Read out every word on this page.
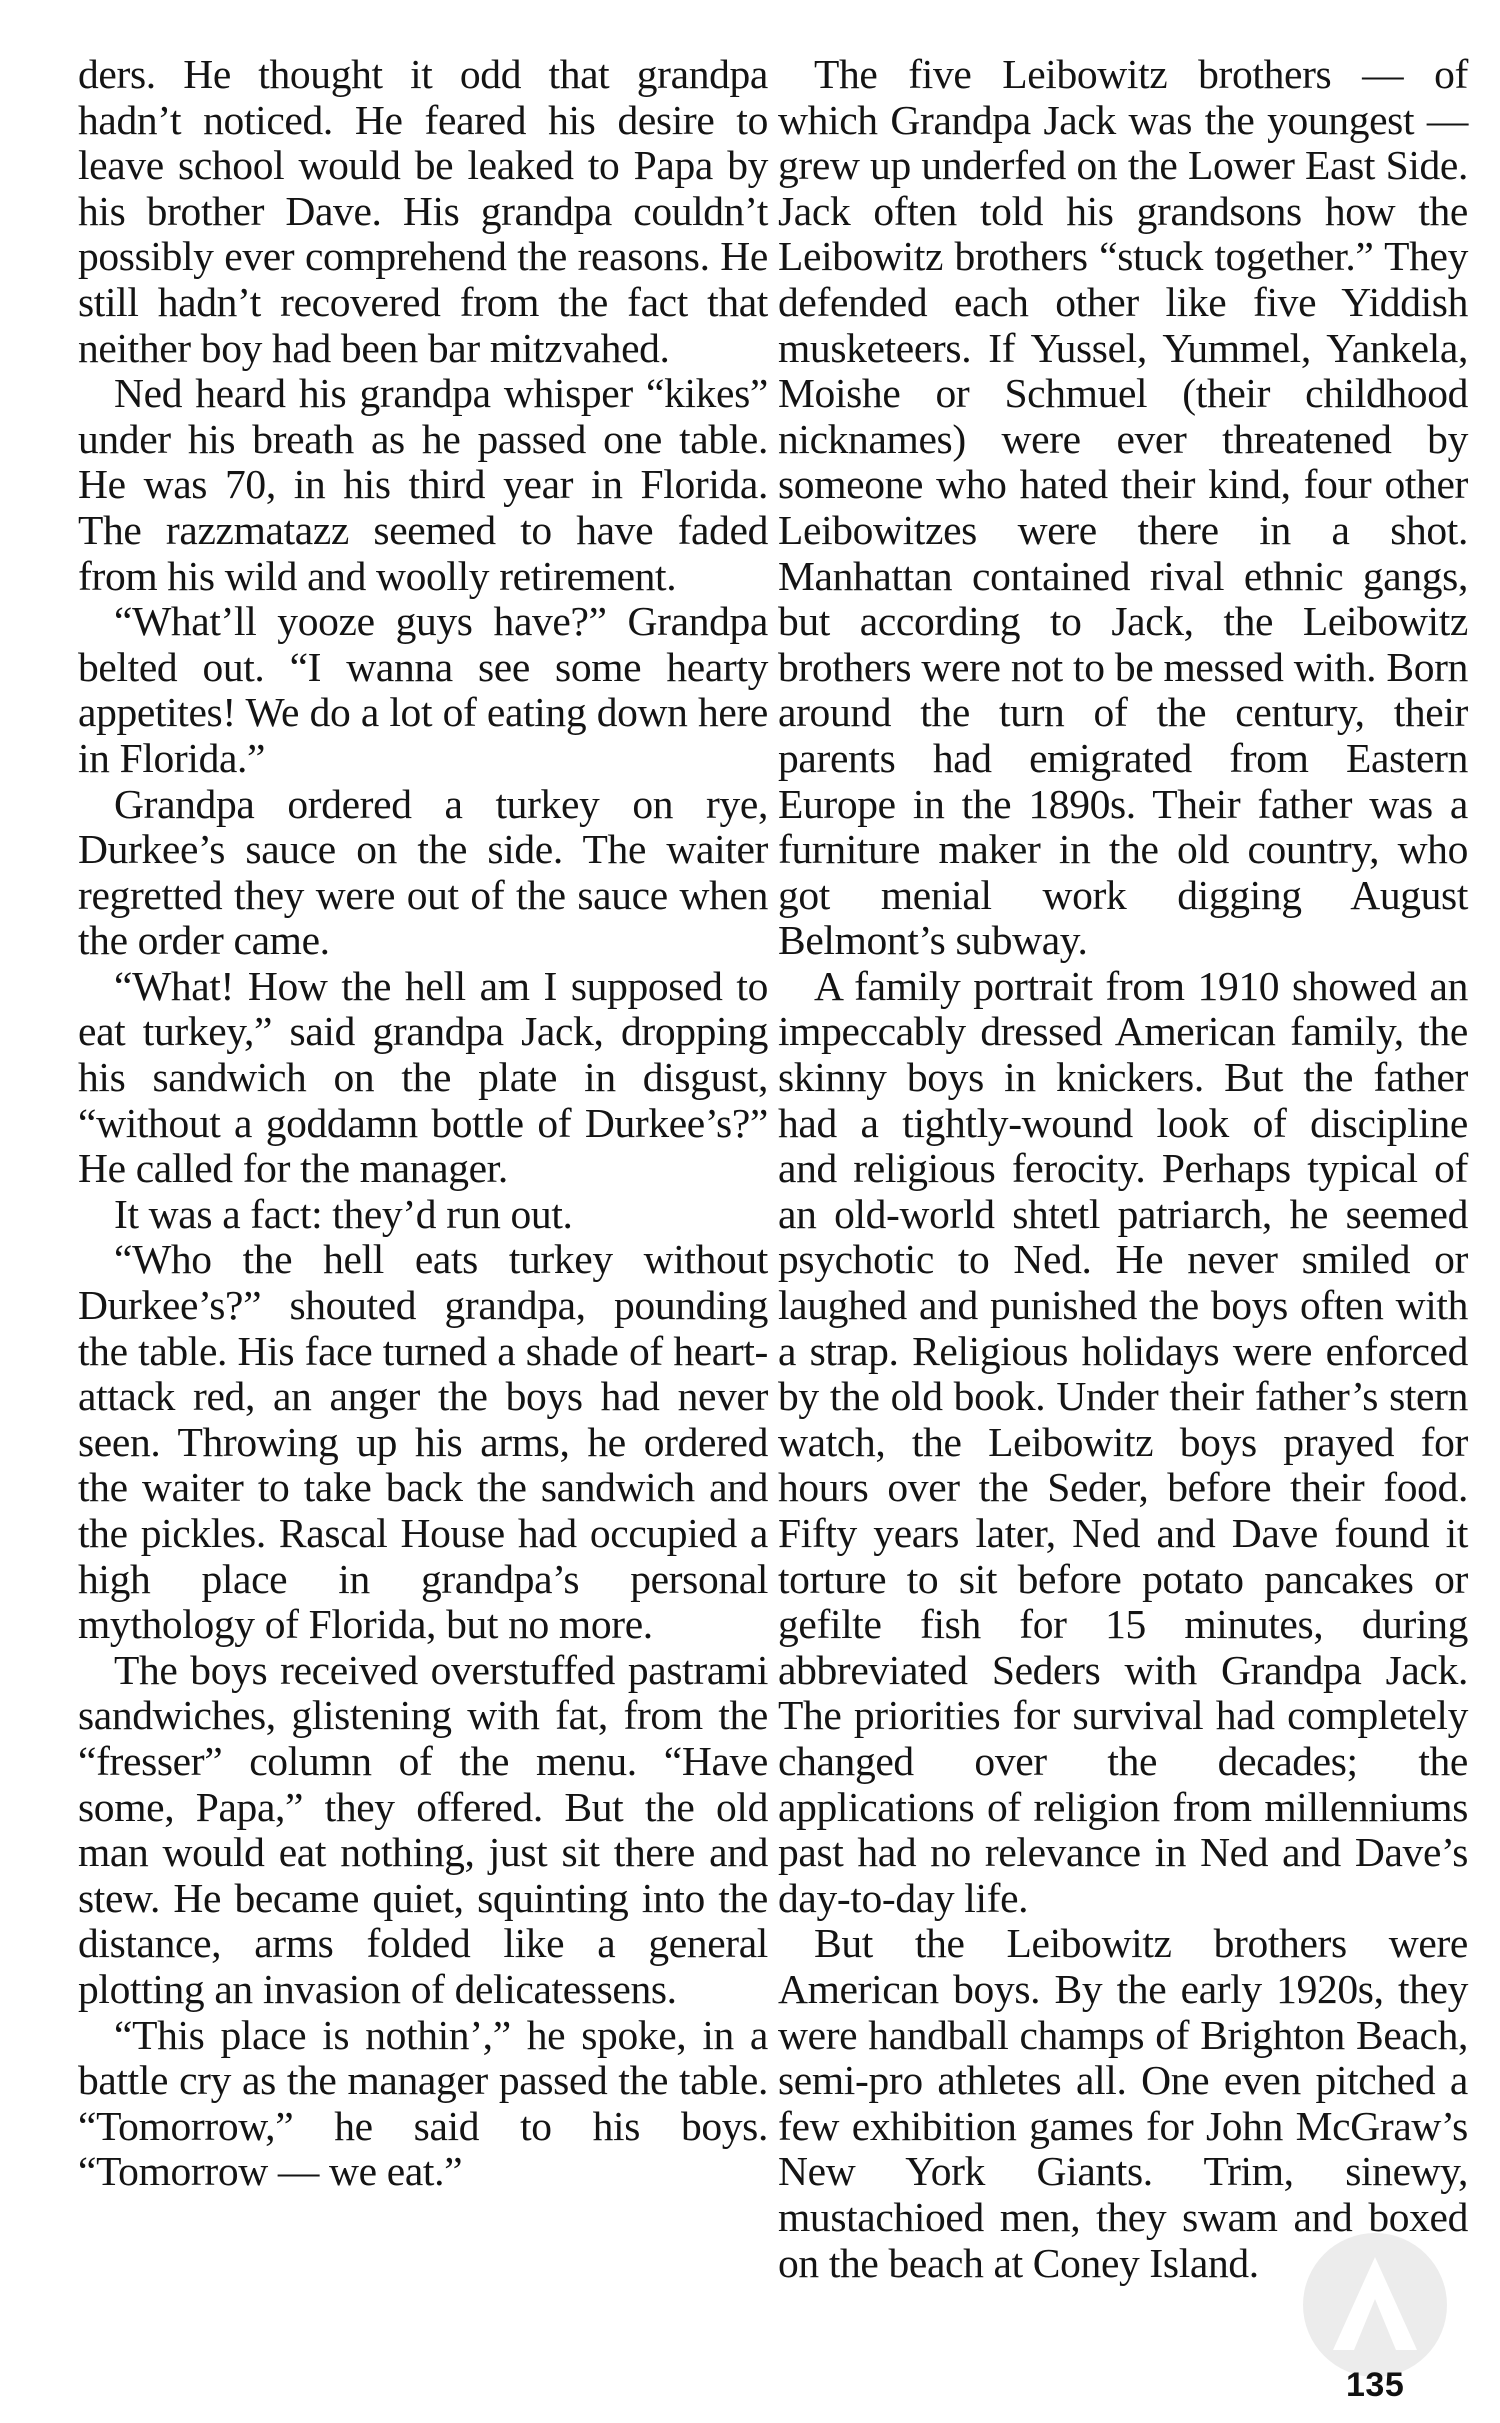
ders. He thought it odd that grandpa hadn’t noticed. He feared his desire to leave school would be leaked to Papa by his brother Dave. His grandpa couldn’t possibly ever comprehend the reasons. He still hadn’t recovered from the fact that neither boy had been bar mitzvahed.

Ned heard his grandpa whisper “kikes” under his breath as he passed one table. He was 70, in his third year in Florida. The razzmatazz seemed to have faded from his wild and woolly retirement.

“What’ll yooze guys have?” Grandpa belted out. “I wanna see some hearty appetites! We do a lot of eating down here in Florida.”

Grandpa ordered a turkey on rye, Durkee’s sauce on the side. The waiter regretted they were out of the sauce when the order came.

“What! How the hell am I supposed to eat turkey,” said grandpa Jack, dropping his sandwich on the plate in disgust, “without a goddamn bottle of Durkee’s?” He called for the manager.

It was a fact: they’d run out.

“Who the hell eats turkey without Durkee’s?” shouted grandpa, pounding the table. His face turned a shade of heart-attack red, an anger the boys had never seen. Throwing up his arms, he ordered the waiter to take back the sandwich and the pickles. Rascal House had occupied a high place in grandpa’s personal mythology of Florida, but no more.

The boys received overstuffed pastrami sandwiches, glistening with fat, from the “fresser” column of the menu. “Have some, Papa,” they offered. But the old man would eat nothing, just sit there and stew. He became quiet, squinting into the distance, arms folded like a general plotting an invasion of delicatessens.

“This place is nothin’,” he spoke, in a battle cry as the manager passed the table. “Tomorrow,” he said to his boys. “Tomorrow — we eat.”

The five Leibowitz brothers — of which Grandpa Jack was the youngest — grew up underfed on the Lower East Side. Jack often told his grandsons how the Leibowitz brothers “stuck together.” They defended each other like five Yiddish musketeers. If Yussel, Yummel, Yankela, Moishe or Schmuel (their childhood nicknames) were ever threatened by someone who hated their kind, four other Leibowitzes were there in a shot. Manhattan contained rival ethnic gangs, but according to Jack, the Leibowitz brothers were not to be messed with. Born around the turn of the century, their parents had emigrated from Eastern Europe in the 1890s. Their father was a furniture maker in the old country, who got menial work digging August Belmont’s subway.

A family portrait from 1910 showed an impeccably dressed American family, the skinny boys in knickers. But the father had a tightly-wound look of discipline and religious ferocity. Perhaps typical of an old-world shtetl patriarch, he seemed psychotic to Ned. He never smiled or laughed and punished the boys often with a strap. Religious holidays were enforced by the old book. Under their father’s stern watch, the Leibowitz boys prayed for hours over the Seder, before their food. Fifty years later, Ned and Dave found it torture to sit before potato pancakes or gefilte fish for 15 minutes, during abbreviated Seders with Grandpa Jack. The priorities for survival had completely changed over the decades; the applications of religion from millenniums past had no relevance in Ned and Dave’s day-to-day life.

But the Leibowitz brothers were American boys. By the early 1920s, they were handball champs of Brighton Beach, semi-pro athletes all. One even pitched a few exhibition games for John McGraw’s New York Giants. Trim, sinewy, mustachioed men, they swam and boxed on the beach at Coney Island.

135
